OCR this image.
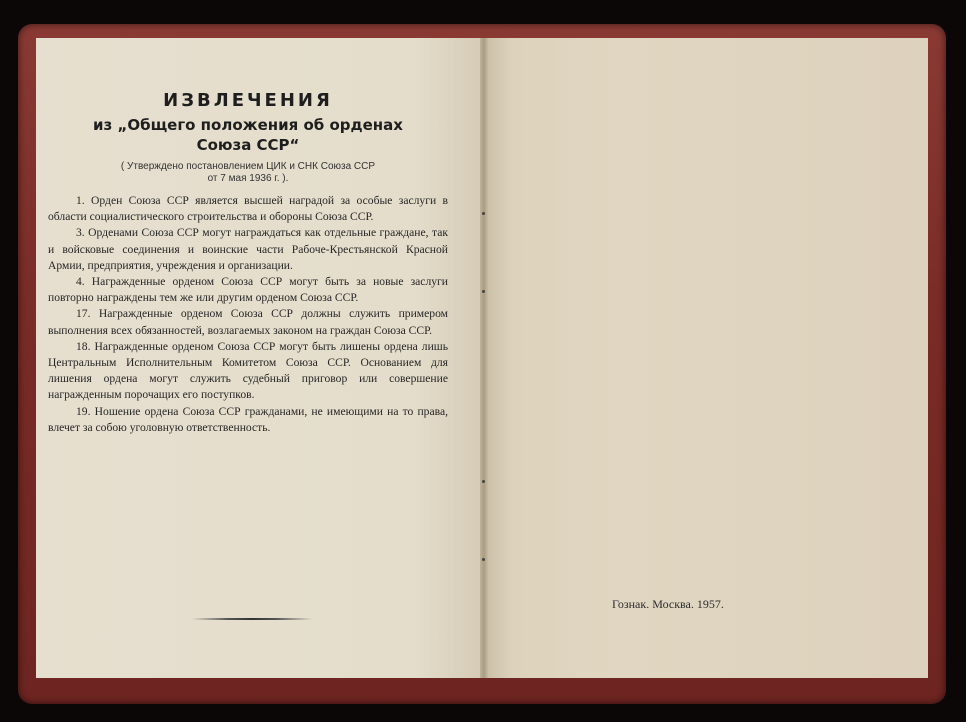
ИЗВЛЕЧЕНИЯ
из „Общего положения об орденах
Союза ССР“
( Утверждено постановлением ЦИК и СНК Союза ССР
от 7 мая 1936 г. ).

1. Орден Союза ССР является высшей наградой за особые заслуги в области социалистического строительства и обороны Союза ССР.

3. Орденами Союза ССР могут награждаться как отдельные граждане, так и войсковые соединения и воинские части Рабоче-Крестьянской Красной Армии, предприятия, учреждения и организации.

4. Награжденные орденом Союза ССР могут быть за новые заслуги повторно награждены тем же или другим орденом Союза ССР.

17. Награжденные орденом Союза ССР должны служить примером выполнения всех обязанностей, возлагаемых законом на граждан Союза ССР.

18. Награжденные орденом Союза ССР могут быть лишены ордена лишь Центральным Исполнительным Комитетом Союза ССР. Основанием для лишения ордена могут служить судебный приговор или совершение награжденным порочащих его поступков.

19. Ношение ордена Союза ССР гражданами, не имеющими на то права, влечет за собою уголовную ответственность.

Гознак. Москва. 1957.
